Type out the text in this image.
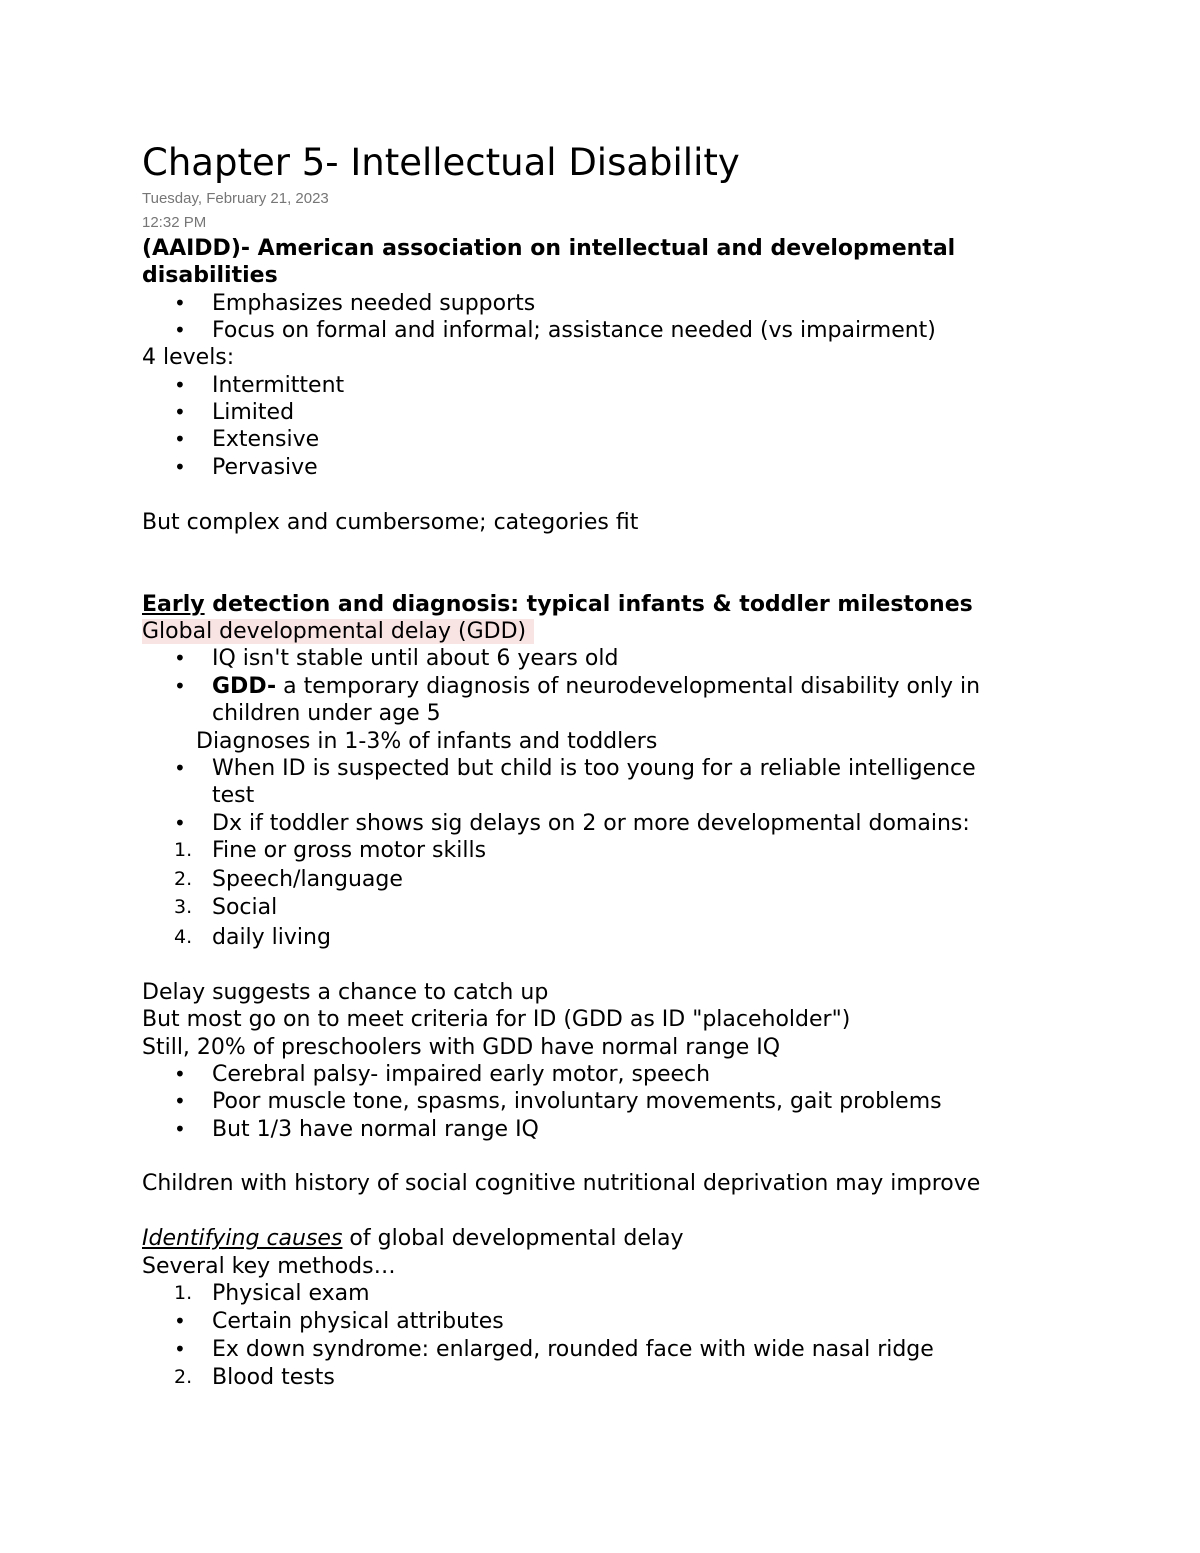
Chapter 5- Intellectual Disability
Tuesday, February 21, 2023
12:32 PM
(AAIDD)- American association on intellectual and developmental
disabilities
• Emphasizes needed supports
• Focus on formal and informal; assistance needed (vs impairment)
4 levels:
• Intermittent
• Limited
• Extensive
• Pervasive
But complex and cumbersome; categories fit
Early detection and diagnosis: typical infants & toddler milestones
Global developmental delay (GDD)
• IQ isn't stable until about 6 years old
• GDD- a temporary diagnosis of neurodevelopmental disability only in
children under age 5
Diagnoses in 1-3% of infants and toddlers
• When ID is suspected but child is too young for a reliable intelligence
test
• Dx if toddler shows sig delays on 2 or more developmental domains:
1. Fine or gross motor skills
2. Speech/language
3. Social
4. daily living
Delay suggests a chance to catch up
But most go on to meet criteria for ID (GDD as ID "placeholder")
Still, 20% of preschoolers with GDD have normal range IQ
• Cerebral palsy- impaired early motor, speech
• Poor muscle tone, spasms, involuntary movements, gait problems
• But 1/3 have normal range IQ
Children with history of social cognitive nutritional deprivation may improve
Identifying causes of global developmental delay
Several key methods…
1. Physical exam
• Certain physical attributes
• Ex down syndrome: enlarged, rounded face with wide nasal ridge
2. Blood tests
